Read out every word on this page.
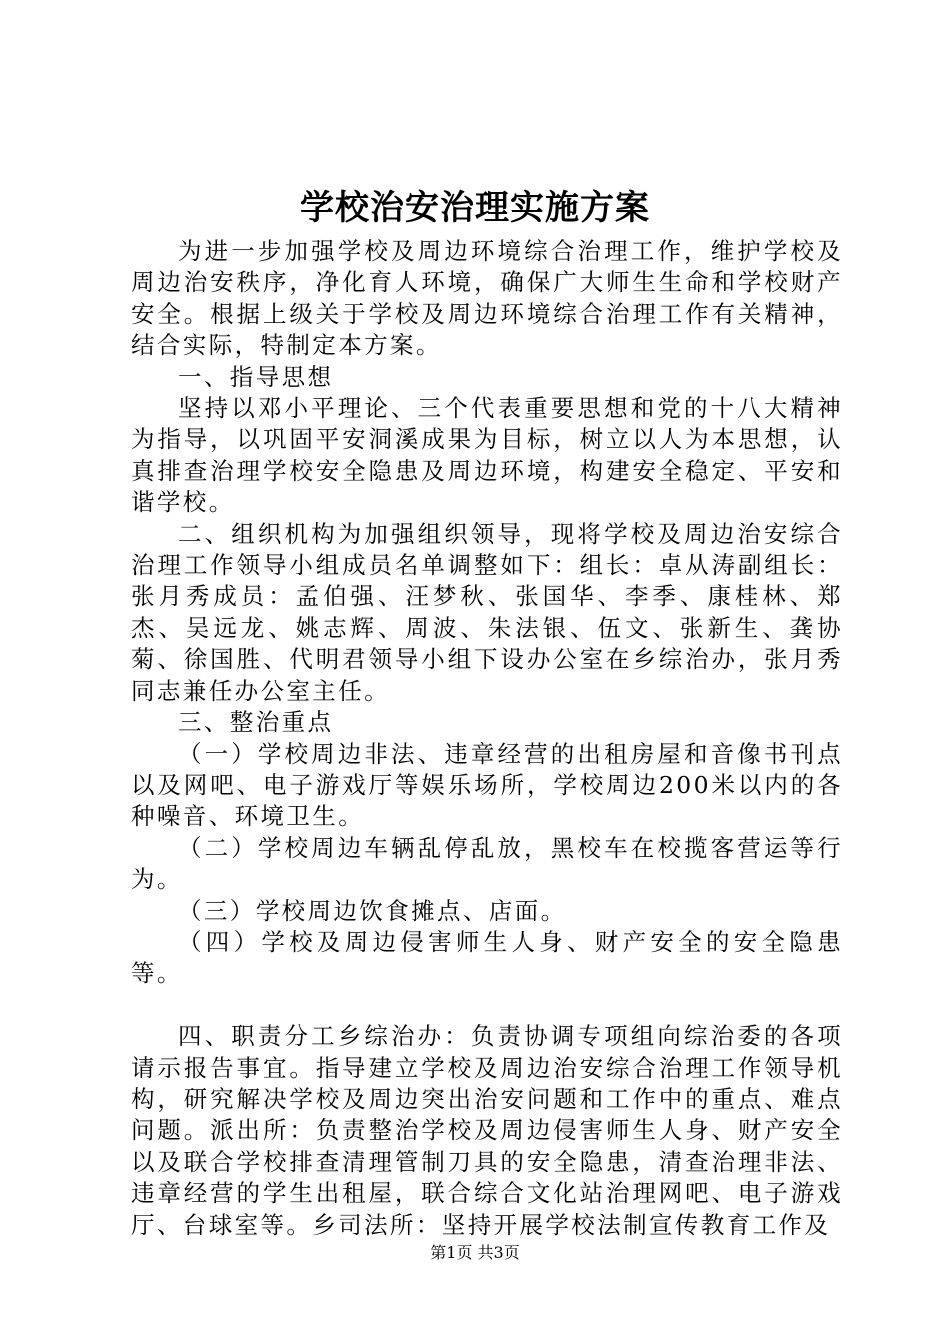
学校治安治理实施方案

为进一步加强学校及周边环境综合治理工作，维护学校及周边治安秩序，净化育人环境，确保广大师生生命和学校财产安全。根据上级关于学校及周边环境综合治理工作有关精神，结合实际，特制定本方案。

一、指导思想

坚持以邓小平理论、三个代表重要思想和党的十八大精神为指导，以巩固平安洞溪成果为目标，树立以人为本思想，认真排查治理学校安全隐患及周边环境，构建安全稳定、平安和谐学校。

二、组织机构为加强组织领导，现将学校及周边治安综合治理工作领导小组成员名单调整如下：组长：卓从涛副组长：张月秀成员：孟伯强、汪梦秋、张国华、李季、康桂林、郑杰、吴远龙、姚志辉、周波、朱法银、伍文、张新生、龚协菊、徐国胜、代明君领导小组下设办公室在乡综治办，张月秀同志兼任办公室主任。

三、整治重点

（一）学校周边非法、违章经营的出租房屋和音像书刊点以及网吧、电子游戏厅等娱乐场所，学校周边200米以内的各种噪音、环境卫生。

（二）学校周边车辆乱停乱放，黑校车在校揽客营运等行为。

（三）学校周边饮食摊点、店面。

（四）学校及周边侵害师生人身、财产安全的安全隐患等。

四、职责分工乡综治办：负责协调专项组向综治委的各项请示报告事宜。指导建立学校及周边治安综合治理工作领导机构，研究解决学校及周边突出治安问题和工作中的重点、难点问题。派出所：负责整治学校及周边侵害师生人身、财产安全以及联合学校排查清理管制刀具的安全隐患，清查治理非法、违章经营的学生出租屋，联合综合文化站治理网吧、电子游戏厅、台球室等。乡司法所：坚持开展学校法制宣传教育工作及

第1页 共3页
